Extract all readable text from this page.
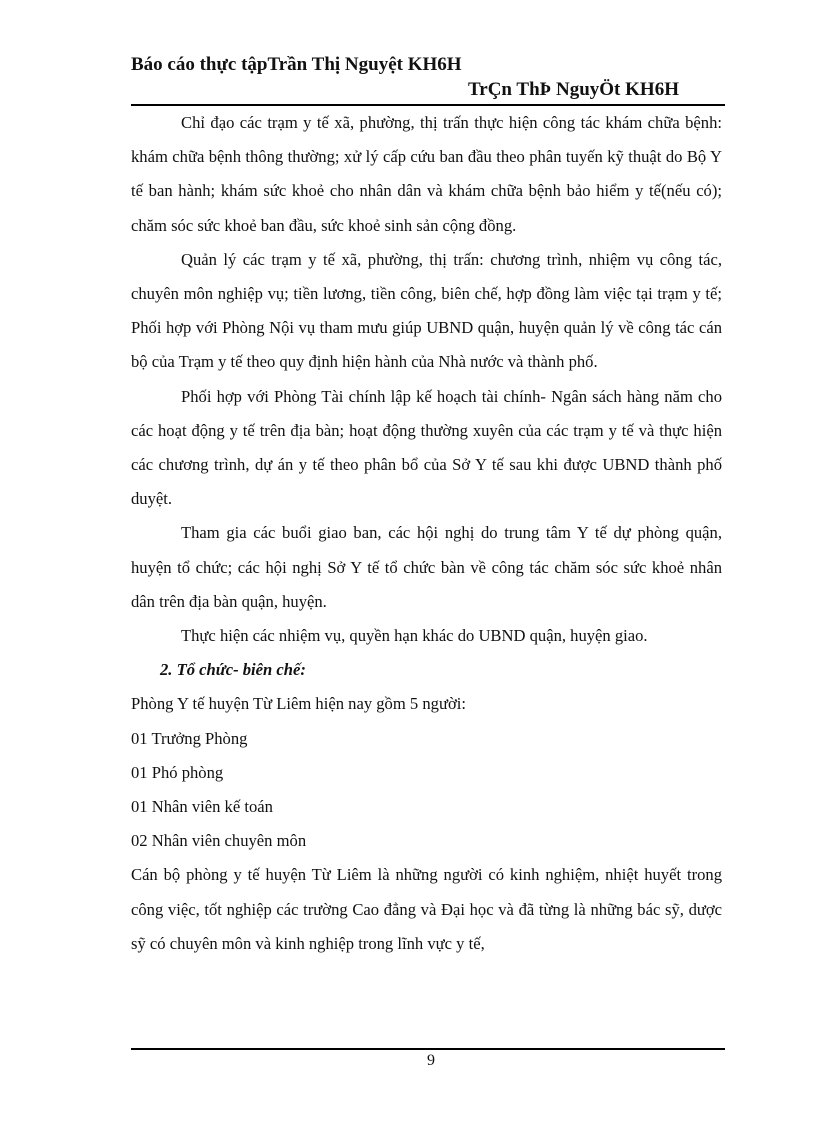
Báo cáo thực tậpTrần Thị Nguyệt KH6H
TrÇn ThÞ NguyÖt KH6H

Chỉ đạo các trạm y tế xã, phường, thị trấn thực hiện công tác khám chữa bệnh: khám chữa bệnh thông thường; xử lý cấp cứu ban đầu theo phân tuyến kỹ thuật do Bộ Y tế ban hành; khám sức khoẻ cho nhân dân và khám chữa bệnh bảo hiểm y tế(nếu có); chăm sóc sức khoẻ ban đầu, sức khoẻ sinh sản cộng đồng.

Quản lý các trạm y tế xã, phường, thị trấn: chương trình, nhiệm vụ công tác, chuyên môn nghiệp vụ; tiền lương, tiền công, biên chế, hợp đồng làm việc tại trạm y tế; Phối hợp với Phòng Nội vụ tham mưu giúp UBND quận, huyện quản lý về công tác cán bộ của Trạm y tế theo quy định hiện hành của Nhà nước và thành phố.

Phối hợp với Phòng Tài chính lập kế hoạch tài chính- Ngân sách hàng năm cho các hoạt động y tế trên địa bàn; hoạt động thường xuyên của các trạm y tế và thực hiện các chương trình, dự án y tế theo phân bổ của Sở Y tế sau khi được UBND thành phố duyệt.

Tham gia các buổi giao ban, các hội nghị do trung tâm Y tế dự phòng quận, huyện tổ chức; các hội nghị Sở Y tế tổ chức bàn về công tác chăm sóc sức khoẻ nhân dân trên địa bàn quận, huyện.

Thực hiện các nhiệm vụ, quyền hạn khác do UBND quận, huyện giao.

2. Tổ chức- biên chế:

Phòng Y tế huyện Từ Liêm hiện nay gồm 5 người:

01 Trưởng Phòng

01 Phó phòng

01 Nhân viên kế toán

02 Nhân viên chuyên môn

Cán bộ phòng y tế huyện Từ Liêm là những người có kinh nghiệm, nhiệt huyết trong công việc, tốt nghiệp các trường Cao đẳng và Đại học và đã từng là những bác sỹ, dược sỹ có chuyên môn và kinh nghiệp trong lĩnh vực y tế,

9
